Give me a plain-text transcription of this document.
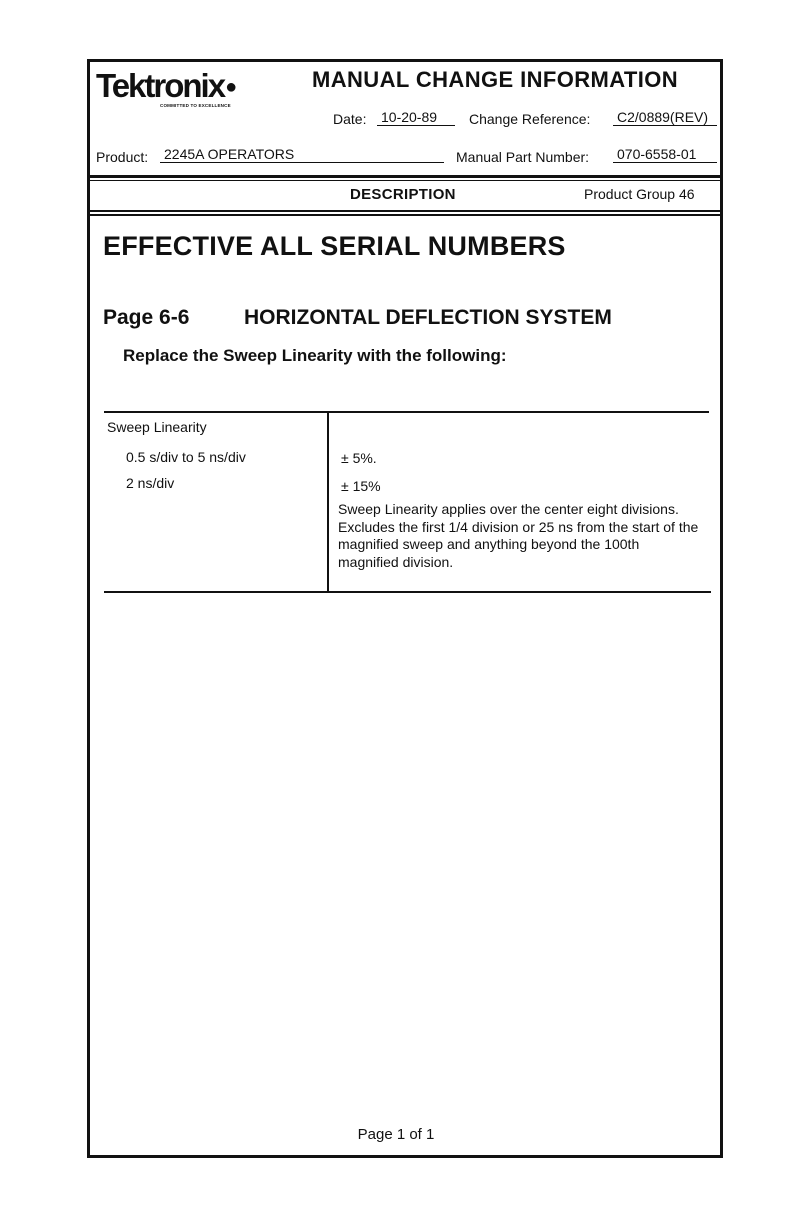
Tektronix●
COMMITTED TO EXCELLENCE
MANUAL CHANGE INFORMATION
Date: 10-20-89	Change Reference: C2/0889(REV)
Product: 2245A OPERATORS	Manual Part Number: 070-6558-01
DESCRIPTION	Product Group 46
EFFECTIVE ALL SERIAL NUMBERS
Page 6-6	HORIZONTAL DEFLECTION SYSTEM
Replace the Sweep Linearity with the following:
Sweep Linearity
0.5 s/div to 5 ns/div	± 5%.
2 ns/div	± 15%
Sweep Linearity applies over the center eight divisions. Excludes the first 1/4 division or 25 ns from the start of the magnified sweep and anything beyond the 100th magnified division.
Page 1 of 1
